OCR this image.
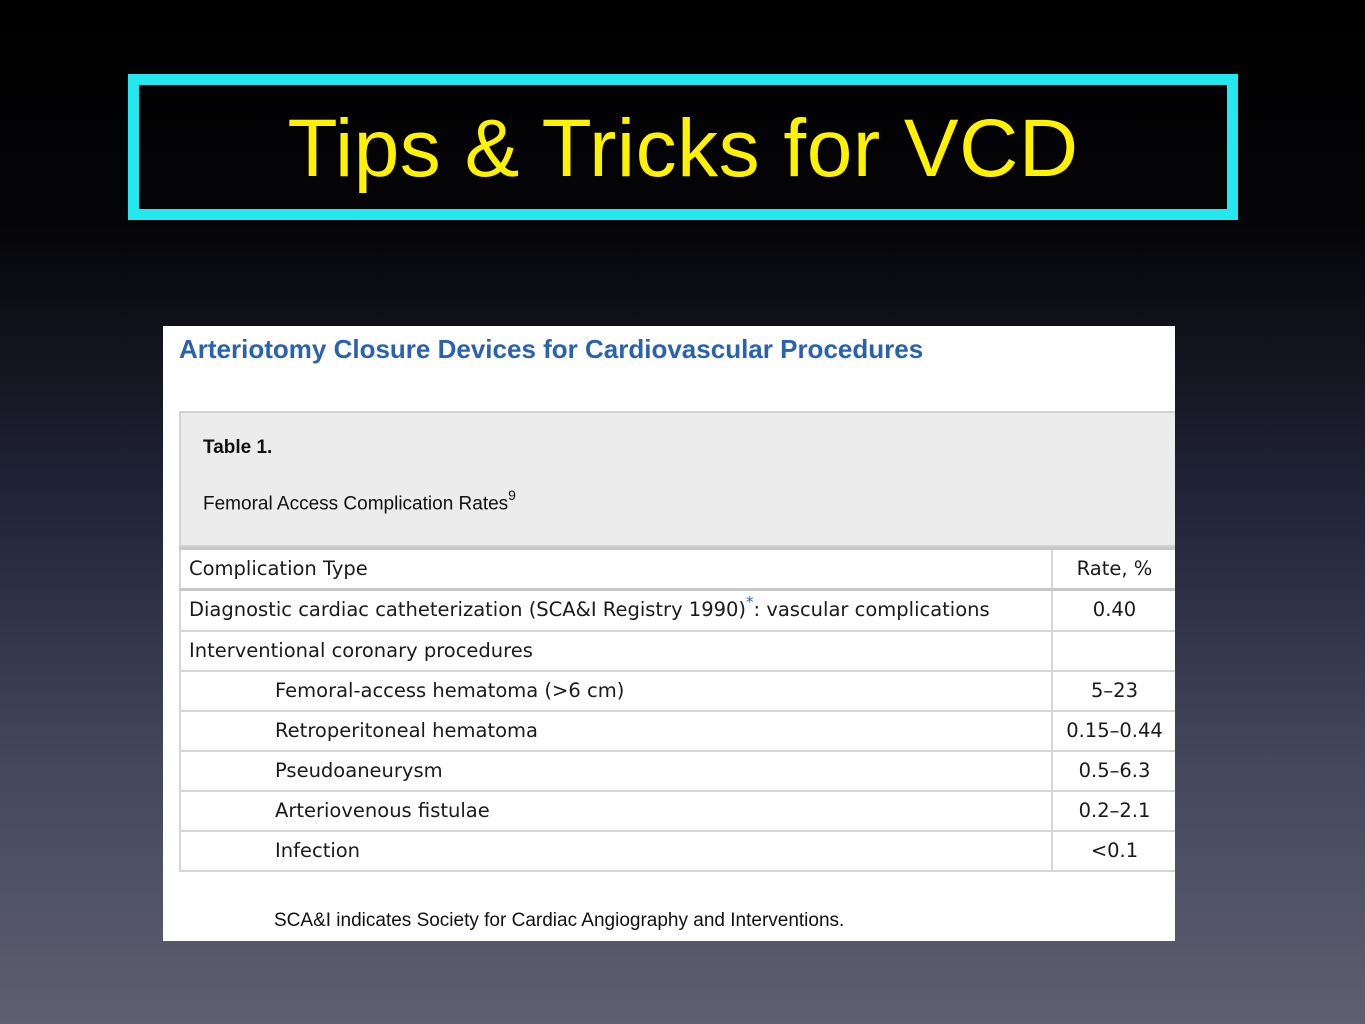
Tips & Tricks for VCD
Arteriotomy Closure Devices for Cardiovascular Procedures
Table 1.
Femoral Access Complication Rates$^9$
Complication Type	Rate, %
Diagnostic cardiac catheterization (SCA&I Registry 1990)*: vascular complications	0.40
Interventional coronary procedures	
Femoral-access hematoma (>6 cm)	5–23
Retroperitoneal hematoma	0.15–0.44
Pseudoaneurysm	0.5–6.3
Arteriovenous fistulae	0.2–2.1
Infection	<0.1
SCA&I indicates Society for Cardiac Angiography and Interventions.
